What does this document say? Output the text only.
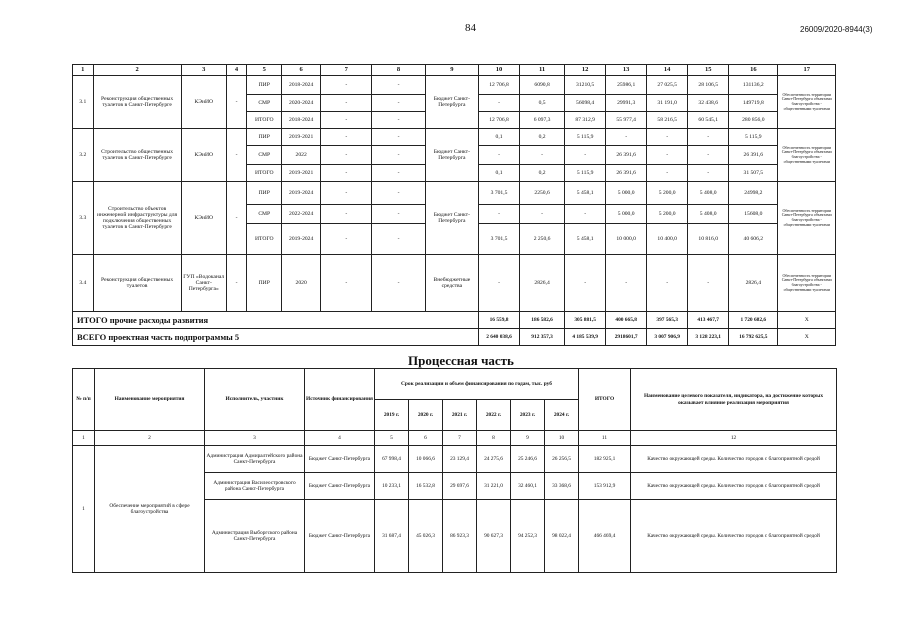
84	26009/2020-8944(3)
1	2	3	4	5	6	7	8	9	10	11	12	13	14	15	16	17
3.1	Реконструкция общественных туалетов в Санкт-Петербурге	КЭиИО	-	ПИР	2018-2024	-	-	Бюджет Санкт-Петербурга	12 706,8	6090,8	31210,5	25986,1	27 025,5	28 106,5	131136,2	Обеспеченность территории Санкт-Петербурга объектами благоустройства - общественными туалетами
				СМР	2020-2024	-	-		-	0,5	56098,4	29991,3	31 191,0	32 438,6	149719,8	
				ИТОГО	2018-2024	-	-		12 706,8	6 097,3	87 312,9	55 977,4	58 216,5	60 545,1	280 856,0	
3.2	Строительство общественных туалетов в Санкт-Петербурге	КЭиИО	-	ПИР	2019-2021	-	-	Бюджет Санкт-Петербурга	0,1	0,2	5 115,9	-	-	-	5 115,9	Обеспеченность территории Санкт-Петербурга объектами благоустройства - общественными туалетами
				СМР	2022	-	-		-	-	-	26 391,6	-	-	26 391,6	
				ИТОГО	2019-2021	-	-		0,1	0,2	5 115,9	26 391,6	-	-	31 507,5	
3.3	Строительство объектов инженерной инфраструктуры для подключения общественных туалетов в Санкт-Петербурге	КЭиИО	-	ПИР	2019-2024	-	-	Бюджет Санкт-Петербурга	3 701,5	2250,6	5 458,1	5 000,0	5 200,0	5 408,0	24998,2	Обеспеченность территории Санкт-Петербурга объектами благоустройства - общественными туалетами
				СМР	2022-2024	-	-		-	-	-	5 000,0	5 200,0	5 408,0	15608,0	
				ИТОГО	2019-2024	-	-		3 701,5	2 250,6	5 458,1	10 000,0	10 400,0	10 816,0	40 606,2	
3.4	Реконструкция общественных туалетов	ГУП «Водоканал Санкт-Петербурга»	-	ПИР	2020	-	-	Внебюджетные средства	-	2826,4	-	-	-	-	2826,4	Обеспеченность территории Санкт-Петербурга объектами благоустройства - общественными туалетами
ИТОГО прочие расходы развития									16 559,8	186 582,6	305 881,5	400 665,8	397 565,3	413 467,7	1 720 682,6	X
ВСЕГО проектная часть подпрограммы 5									2 640 038,6	912 357,3	4 185 539,9	2918601,7	3 007 906,9	3 128 223,1	16 792 625,5	X
Процессная часть
№ п/п	Наименование мероприятия	Исполнитель, участник	Источник финансирования	Срок реализации и объем финансирования по годам, тыс. руб						ИТОГО	Наименование целевого показателя, индикатора, на достижение которых оказывает влияние реализация мероприятия
				2019 г.	2020 г.	2021 г.	2022 г.	2023 г.	2024 г.		
1	2	3	4	5	6	7	8	9	10	11	12
1	Обеспечение мероприятий в сфере благоустройства	Администрация Адмиралтейского района Санкт-Петербурга	Бюджет Санкт-Петербурга	67 998,4	10 066,6	23 129,4	24 275,6	25 246,6	26 256,5	182 925,1	Качество окружающей среды. Количество городов с благоприятной средой
		Администрация Василеостровского района Санкт-Петербурга	Бюджет Санкт-Петербурга	10 233,1	16 532,8	29 697,6	31 221,0	32 460,1	33 368,6	153 912,9	Качество окружающей среды. Количество городов с благоприятной средой
		Администрация Выборгского района Санкт-Петербурга	Бюджет Санкт-Петербурга	31 687,4	45 026,3	86 923,3	90 627,3	94 252,3	98 022,4	466 469,4	Качество окружающей среды. Количество городов с благоприятной средой
